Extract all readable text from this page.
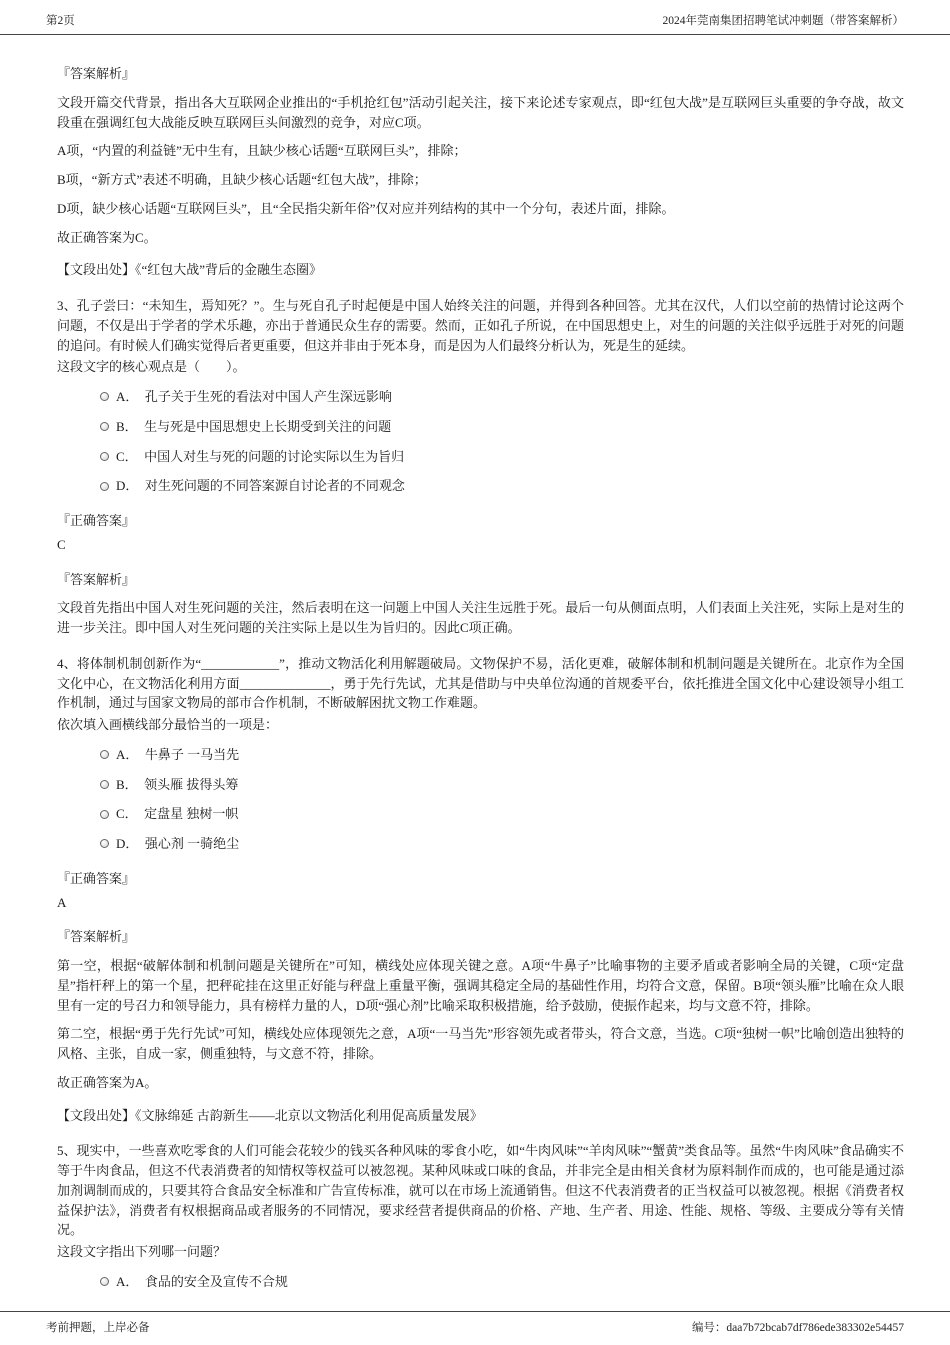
第2页	2024年莞南集团招聘笔试冲刺题（带答案解析）
『答案解析』
文段开篇交代背景，指出各大互联网企业推出的“手机抢红包”活动引起关注，接下来论述专家观点，即“红包大战”是互联网巨头重要的争夺战，故文段重在强调红包大战能反映互联网巨头间激烈的竞争，对应C项。
A项，“内置的利益链”无中生有，且缺少核心话题“互联网巨头”，排除；
B项，“新方式”表述不明确，且缺少核心话题“红包大战”，排除；
D项，缺少核心话题“互联网巨头”，且“全民指尖新年俗”仅对应并列结构的其中一个分句，表述片面，排除。
故正确答案为C。
【文段出处】《“红包大战”背后的金融生态圈》
3、孔子尝曰：“未知生，焉知死？”。生与死自孔子时起便是中国人始终关注的问题，并得到各种回答。尤其在汉代，人们以空前的热情讨论这两个问题，不仅是出于学者的学术乐趣，亦出于普通民众生存的需要。然而，正如孔子所说，在中国思想史上，对生的问题的关注似乎远胜于对死的问题的追问。有时候人们确实觉得后者更重要，但这并非由于死本身，而是因为人们最终分析认为，死是生的延续。
这段文字的核心观点是（　　）。
A．　孔子关于生死的看法对中国人产生深远影响
B．　生与死是中国思想史上长期受到关注的问题
C．　中国人对生与死的问题的讨论实际以生为旨归
D．　对生死问题的不同答案源自讨论者的不同观念
『正确答案』
C
『答案解析』
文段首先指出中国人对生死问题的关注，然后表明在这一问题上中国人关注生远胜于死。最后一句从侧面点明，人们表面上关注死，实际上是对生的进一步关注。即中国人对生死问题的关注实际上是以生为旨归的。因此C项正确。
4、将体制机制创新作为“____________”，推动文物活化利用解题破局。文物保护不易，活化更难，破解体制和机制问题是关键所在。北京作为全国文化中心，在文物活化利用方面______________，勇于先行先试，尤其是借助与中央单位沟通的首规委平台，依托推进全国文化中心建设领导小组工作机制，通过与国家文物局的部市合作机制，不断破解困扰文物工作难题。
依次填入画横线部分最恰当的一项是：
A．　牛鼻子 一马当先
B．　领头雁 拔得头筹
C．　定盘星 独树一帜
D．　强心剂 一骑绝尘
『正确答案』
A
『答案解析』
第一空，根据“破解体制和机制问题是关键所在”可知，横线处应体现关键之意。A项“牛鼻子”比喻事物的主要矛盾或者影响全局的关键，C项“定盘星”指杆秤上的第一个星，把秤砣挂在这里正好能与秤盘上重量平衡，强调其稳定全局的基础性作用，均符合文意，保留。B项“领头雁”比喻在众人眼里有一定的号召力和领导能力，具有榜样力量的人，D项“强心剂”比喻采取积极措施，给予鼓励，使振作起来，均与文意不符，排除。
第二空，根据“勇于先行先试”可知，横线处应体现领先之意，A项“一马当先”形容领先或者带头，符合文意，当选。C项“独树一帜”比喻创造出独特的风格、主张，自成一家，侧重独特，与文意不符，排除。
故正确答案为A。
【文段出处】《文脉绵延 古韵新生——北京以文物活化利用促高质量发展》
5、现实中，一些喜欢吃零食的人们可能会花较少的钱买各种风味的零食小吃，如“牛肉风味”“羊肉风味”“蟹黄”类食品等。虽然“牛肉风味”食品确实不等于牛肉食品，但这不代表消费者的知情权等权益可以被忽视。某种风味或口味的食品，并非完全是由相关食材为原料制作而成的，也可能是通过添加剂调制而成的，只要其符合食品安全标准和广告宣传标准，就可以在市场上流通销售。但这不代表消费者的正当权益可以被忽视。根据《消费者权益保护法》，消费者有权根据商品或者服务的不同情况，要求经营者提供商品的价格、产地、生产者、用途、性能、规格、等级、主要成分等有关情况。
这段文字指出下列哪一问题？
A．　食品的安全及宣传不合规
考前押题，上岸必备	编号：daa7b72bcab7df786ede383302e54457
